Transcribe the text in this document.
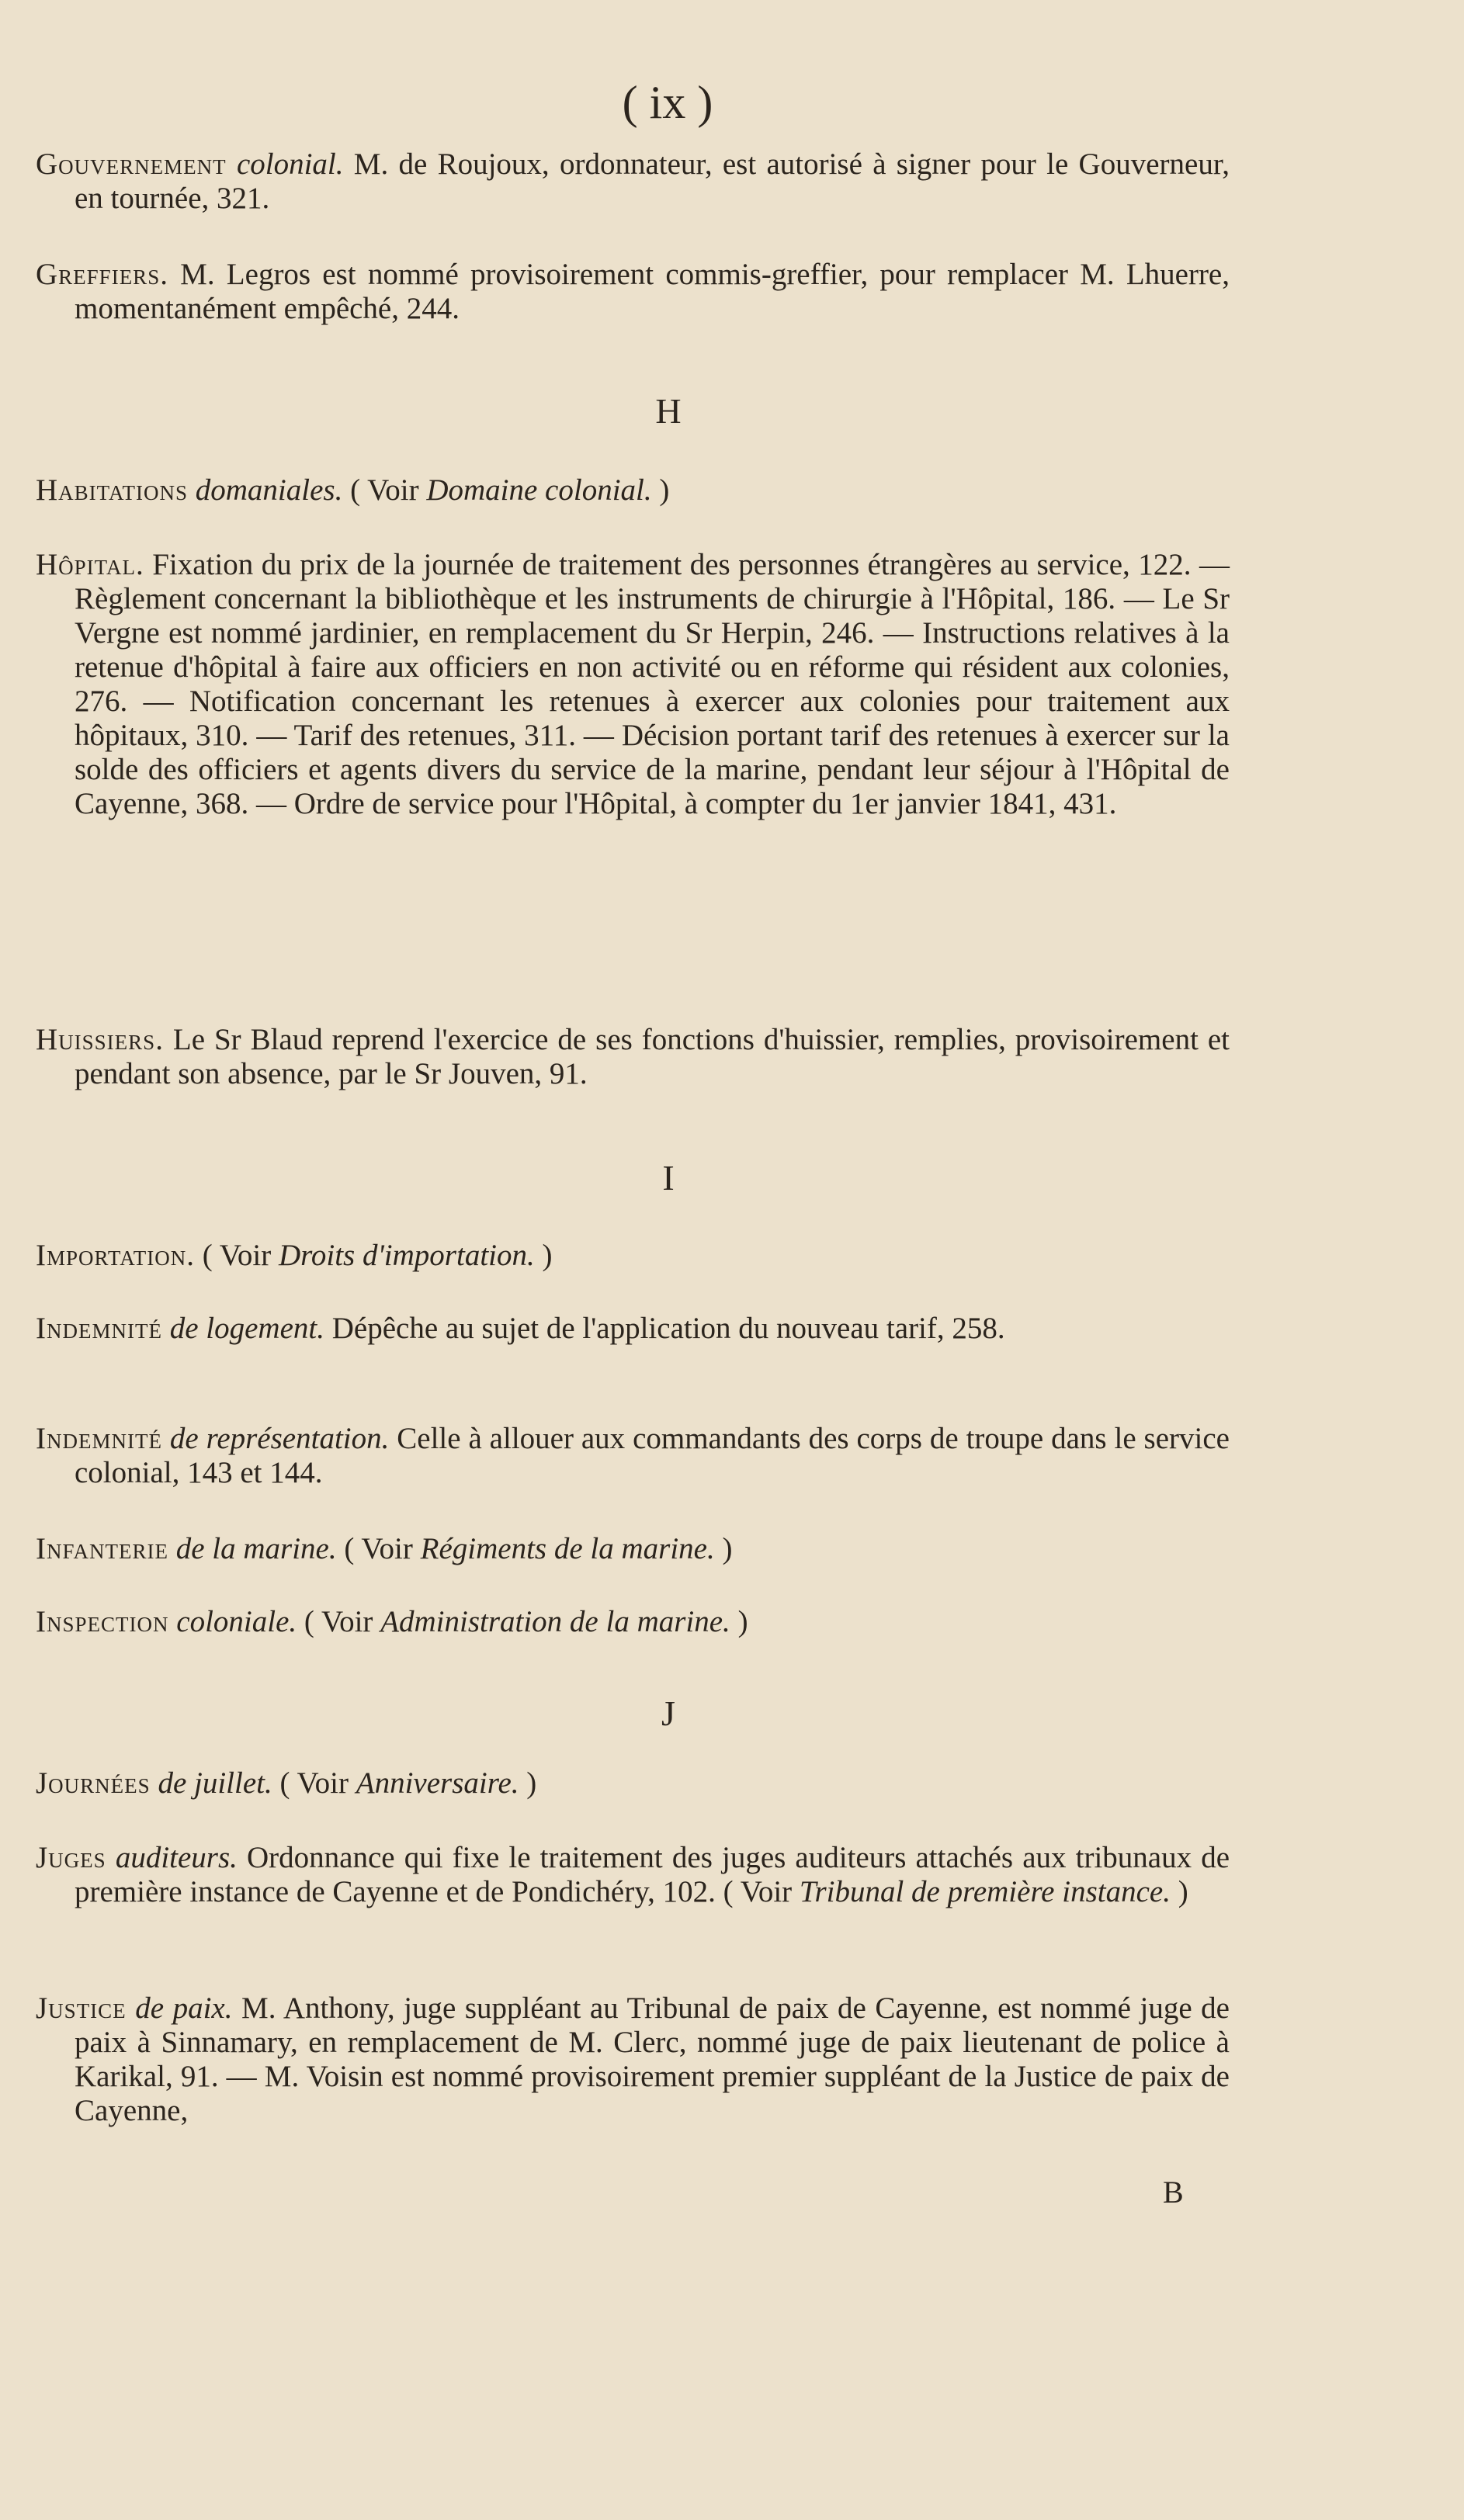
( ix )

Gouvernement colonial. M. de Roujoux, ordonnateur, est autorisé à signer pour le Gouverneur, en tournée, 321.

Greffiers. M. Legros est nommé provisoirement commis-greffier, pour remplacer M. Lhuerre, momentanément empêché, 244.

H

Habitations domaniales. ( Voir Domaine colonial. )

Hôpital. Fixation du prix de la journée de traitement des personnes étrangères au service, 122. — Règlement concernant la bibliothèque et les instruments de chirurgie à l'Hôpital, 186. — Le Sr Vergne est nommé jardinier, en remplacement du Sr Herpin, 246. — Instructions relatives à la retenue d'hôpital à faire aux officiers en non activité ou en réforme qui résident aux colonies, 276. — Notification concernant les retenues à exercer aux colonies pour traitement aux hôpitaux, 310. — Tarif des retenues, 311. — Décision portant tarif des retenues à exercer sur la solde des officiers et agents divers du service de la marine, pendant leur séjour à l'Hôpital de Cayenne, 368. — Ordre de service pour l'Hôpital, à compter du 1er janvier 1841, 431.

Huissiers. Le Sr Blaud reprend l'exercice de ses fonctions d'huissier, remplies, provisoirement et pendant son absence, par le Sr Jouven, 91.

I

Importation. ( Voir Droits d'importation. )

Indemnité de logement. Dépêche au sujet de l'application du nouveau tarif, 258.

Indemnité de représentation. Celle à allouer aux commandants des corps de troupe dans le service colonial, 143 et 144.

Infanterie de la marine. ( Voir Régiments de la marine. )

Inspection coloniale. ( Voir Administration de la marine. )

J

Journées de juillet. ( Voir Anniversaire. )

Juges auditeurs. Ordonnance qui fixe le traitement des juges auditeurs attachés aux tribunaux de première instance de Cayenne et de Pondichéry, 102. ( Voir Tribunal de première instance. )

Justice de paix. M. Anthony, juge suppléant au Tribunal de paix de Cayenne, est nommé juge de paix à Sinnamary, en remplacement de M. Clerc, nommé juge de paix lieutenant de police à Karikal, 91. — M. Voisin est nommé provisoirement premier suppléant de la Justice de paix de Cayenne,

B
